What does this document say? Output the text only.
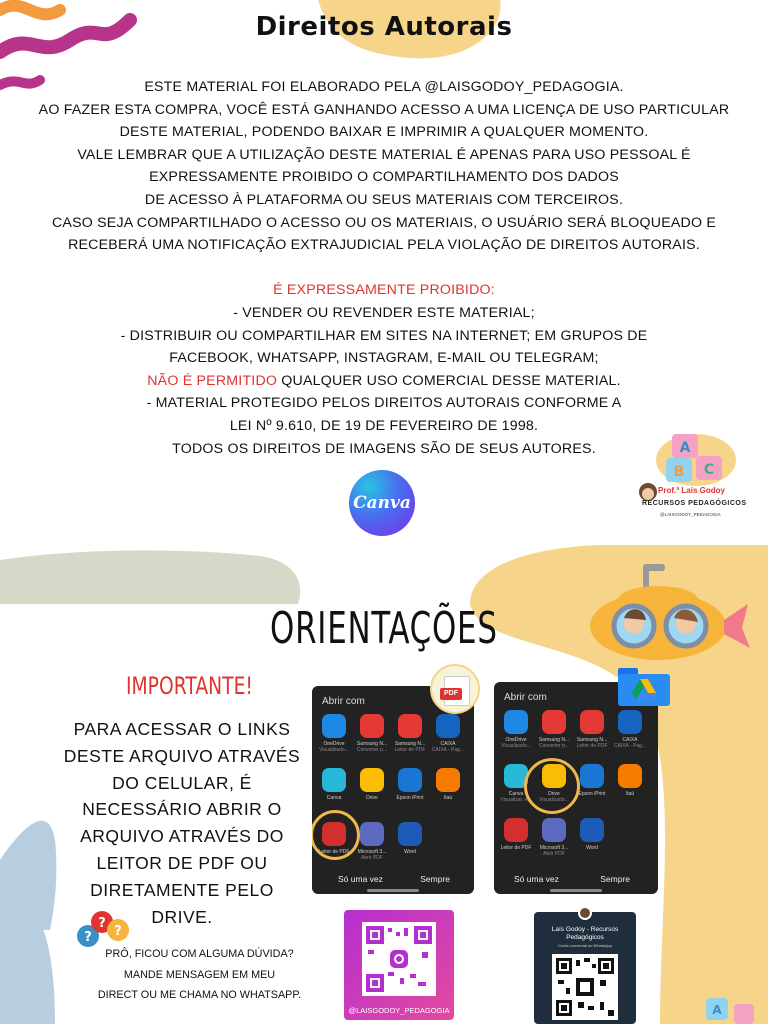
Direitos Autorais
ESTE MATERIAL FOI ELABORADO PELA @LAISGODOY_PEDAGOGIA.
AO FAZER ESTA COMPRA, VOCÊ ESTÁ GANHANDO ACESSO A UMA LICENÇA DE USO PARTICULAR
DESTE MATERIAL, PODENDO BAIXAR E IMPRIMIR A QUALQUER MOMENTO.
VALE LEMBRAR QUE A UTILIZAÇÃO DESTE MATERIAL É APENAS PARA USO PESSOAL É
EXPRESSAMENTE PROIBIDO O COMPARTILHAMENTO DOS DADOS
DE ACESSO À PLATAFORMA OU SEUS MATERIAIS COM TERCEIROS.
CASO SEJA COMPARTILHADO O ACESSO OU OS MATERIAIS, O USUÁRIO SERÁ BLOQUEADO E
RECEBERÁ UMA NOTIFICAÇÃO EXTRAJUDICIAL PELA VIOLAÇÃO DE DIREITOS AUTORAIS.
É EXPRESSAMENTE PROIBIDO:
- VENDER OU REVENDER ESTE MATERIAL;
- DISTRIBUIR OU COMPARTILHAR EM SITES NA INTERNET; EM GRUPOS DE
FACEBOOK, WHATSAPP, INSTAGRAM, E-MAIL OU TELEGRAM;
NÃO É PERMITIDO QUALQUER USO COMERCIAL DESSE MATERIAL.
- MATERIAL PROTEGIDO PELOS DIREITOS AUTORAIS CONFORME A
LEI Nº 9.610, DE 19 DE FEVEREIRO DE 1998.
TODOS OS DIREITOS DE IMAGENS SÃO DE SEUS AUTORES.
Canva
A
B C
Prof.ª Laís Godoy
RECURSOS PEDAGÓGICOS
@LAISGODOY_PEDAGOGIA
ORIENTAÇÕES
IMPORTANTE!
PARA ACESSAR O LINKS DESTE ARQUIVO ATRAVÉS DO CELULAR, É NECESSÁRIO ABRIR O ARQUIVO ATRAVÉS DO LEITOR DE PDF OU DIRETAMENTE PELO DRIVE.
Abrir com
OneDrive
Visualizado...
Samsung N...
Converter p...
Samsung N...
Leitor de PDF
CAIXA
CAIXA - Pag...
Canva	Drive	Epson iPrint	Itaú
Leitor de PDF	Microsoft 3...
Abrir PDF
Word
Só uma vez	Sempre
Abrir com
OneDrive
Visualizado...
Samsung N...
Converter p...
Samsung N...
Leitor de PDF
CAIXA
CAIXA - Pag...
Canva
Visualizar, e...
Drive
Visualizado...
Epson iPrint	Itaú
Leitor de PDF	Microsoft 3...
Abrir PDF
Word
Só uma vez	Sempre
PDF
@LAISGODOY_PEDAGOGIA
Laís Godoy - Recursos Pedagógicos
Conta comercial do WhatsApp
?
?
?
PRÔ, FICOU COM ALGUMA DÚVIDA?
MANDE MENSAGEM EM MEU
DIRECT OU ME CHAMA NO WHATSAPP.
A
